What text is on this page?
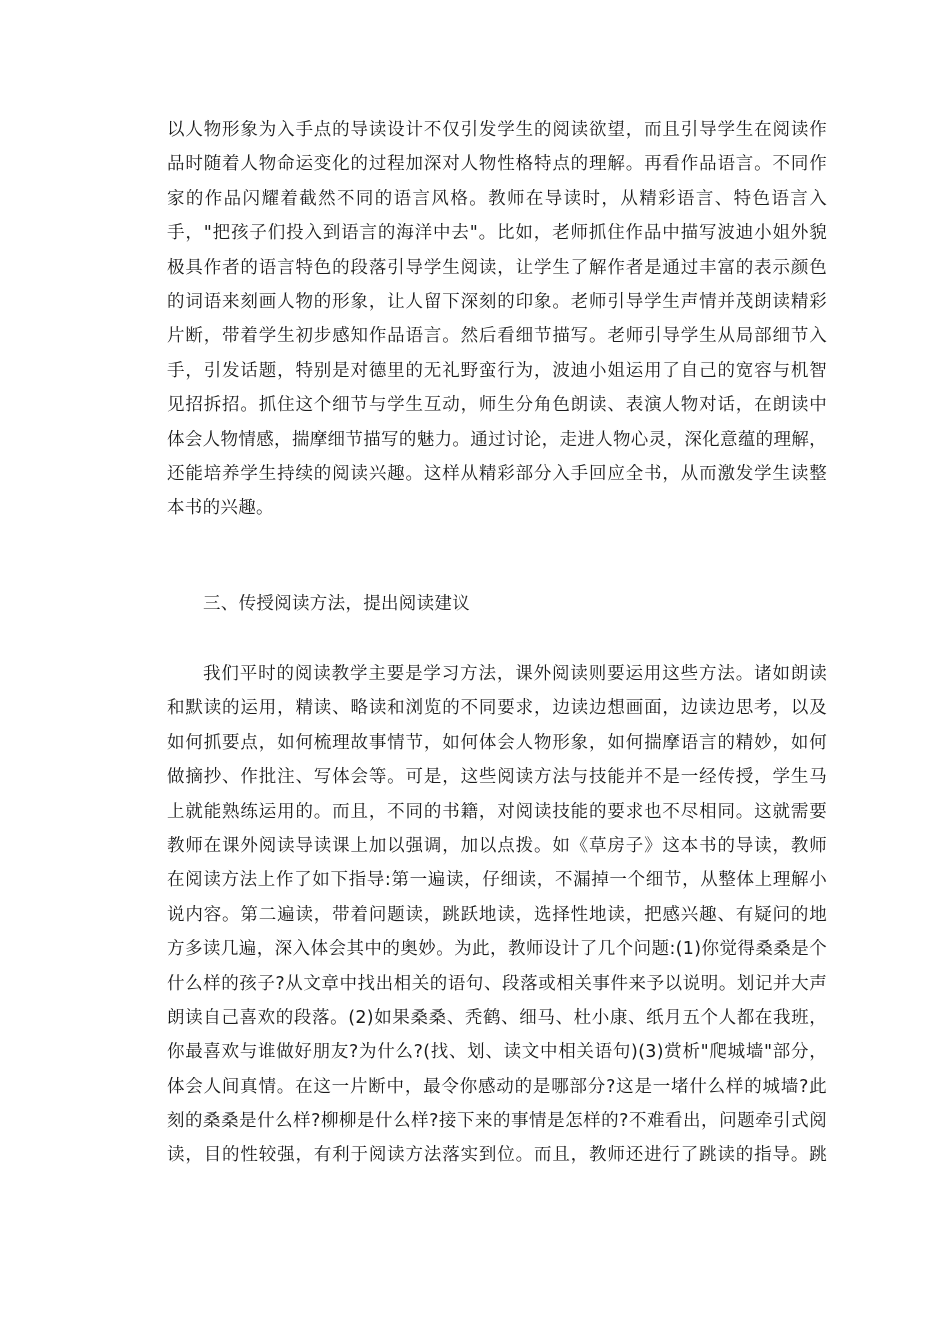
以人物形象为入手点的导读设计不仅引发学生的阅读欲望，而且引导学生在阅读作
品时随着人物命运变化的过程加深对人物性格特点的理解。再看作品语言。不同作
家的作品闪耀着截然不同的语言风格。教师在导读时，从精彩语言、特色语言入
手，"把孩子们投入到语言的海洋中去"。比如，老师抓住作品中描写波迪小姐外貌
极具作者的语言特色的段落引导学生阅读，让学生了解作者是通过丰富的表示颜色
的词语来刻画人物的形象，让人留下深刻的印象。老师引导学生声情并茂朗读精彩
片断，带着学生初步感知作品语言。然后看细节描写。老师引导学生从局部细节入
手，引发话题，特别是对德里的无礼野蛮行为，波迪小姐运用了自己的宽容与机智
见招拆招。抓住这个细节与学生互动，师生分角色朗读、表演人物对话，在朗读中
体会人物情感，揣摩细节描写的魅力。通过讨论，走进人物心灵，深化意蕴的理解，
还能培养学生持续的阅读兴趣。这样从精彩部分入手回应全书，从而激发学生读整
本书的兴趣。
三、传授阅读方法，提出阅读建议
我们平时的阅读教学主要是学习方法，课外阅读则要运用这些方法。诸如朗读
和默读的运用，精读、略读和浏览的不同要求，边读边想画面，边读边思考，以及
如何抓要点，如何梳理故事情节，如何体会人物形象，如何揣摩语言的精妙，如何
做摘抄、作批注、写体会等。可是，这些阅读方法与技能并不是一经传授，学生马
上就能熟练运用的。而且，不同的书籍，对阅读技能的要求也不尽相同。这就需要
教师在课外阅读导读课上加以强调，加以点拨。如《草房子》这本书的导读，教师
在阅读方法上作了如下指导:第一遍读，仔细读，不漏掉一个细节，从整体上理解小
说内容。第二遍读，带着问题读，跳跃地读，选择性地读，把感兴趣、有疑问的地
方多读几遍，深入体会其中的奥妙。为此，教师设计了几个问题:(1)你觉得桑桑是个
什么样的孩子?从文章中找出相关的语句、段落或相关事件来予以说明。划记并大声
朗读自己喜欢的段落。(2)如果桑桑、秃鹤、细马、杜小康、纸月五个人都在我班，
你最喜欢与谁做好朋友?为什么?(找、划、读文中相关语句)(3)赏析"爬城墙"部分，
体会人间真情。在这一片断中，最令你感动的是哪部分?这是一堵什么样的城墙?此
刻的桑桑是什么样?柳柳是什么样?接下来的事情是怎样的?不难看出，问题牵引式阅
读，目的性较强，有利于阅读方法落实到位。而且，教师还进行了跳读的指导。跳
